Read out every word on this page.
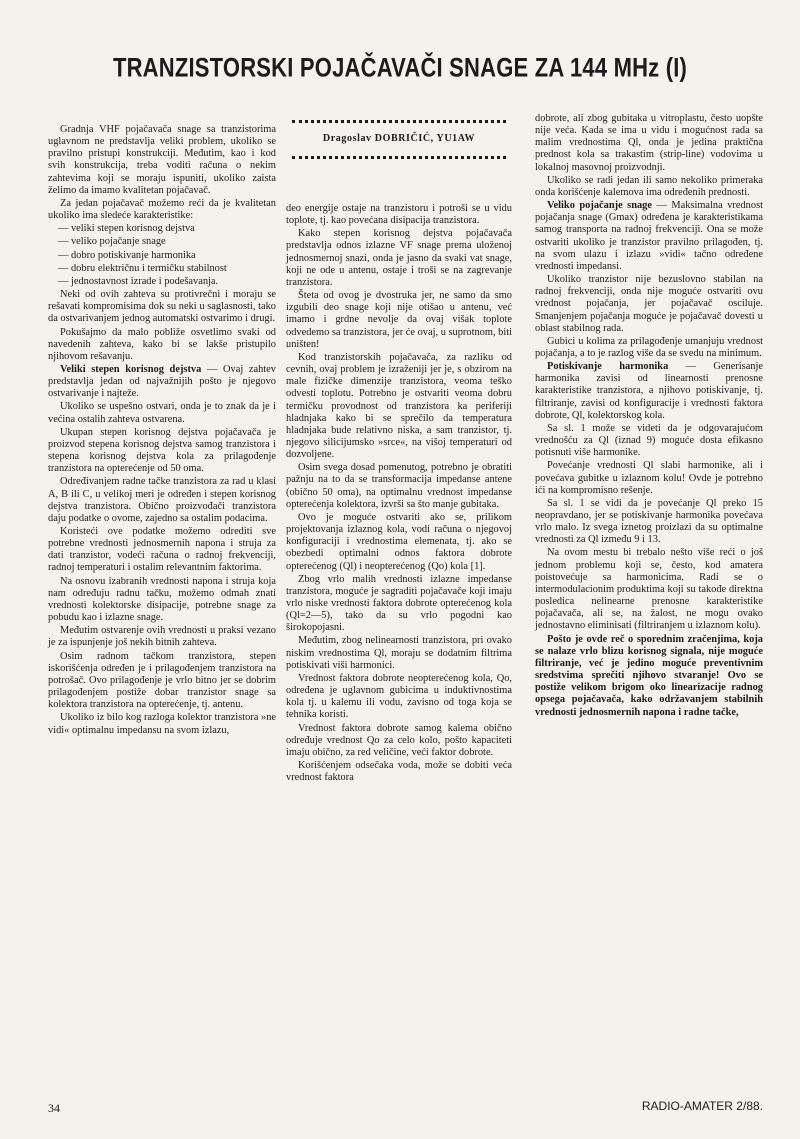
TRANZISTORSKI POJAČAVAČI SNAGE ZA 144 MHz (I)
Dragoslav DOBRIČIĆ, YU1AW

Gradnja VHF pojačavača snage sa tranzistorima uglavnom ne predstavlja veliki problem, ukoliko se pravilno pristupi konstrukciji. Međutim, kao i kod svih konstrukcija, treba voditi računa o nekim zahtevima koji se moraju ispuniti, ukoliko zaista želimo da imamo kvalitetan pojačavač.

Za jedan pojačavač možemo reći da je kvalitetan ukoliko ima sledeće karakteristike:

— veliki stepen korisnog dejstva

— veliko pojačanje snage

— dobro potiskivanje harmonika

— dobru električnu i termičku stabilnost

— jednostavnost izrade i podešavanja.

Neki od ovih zahteva su protivrečni i moraju se rešavati kompromisima dok su neki u saglasnosti, tako da ostvarivanjem jednog automatski ostvarimo i drugi.

Pokušajmo da malo pobliže osvetlimo svaki od navedenih zahteva, kako bi se lakše pristupilo njihovom rešavanju.

Veliki stepen korisnog dejstva — Ovaj zahtev predstavlja jedan od najvažnijih pošto je njegovo ostvarivanje i najteže.

Ukoliko se uspešno ostvari, onda je to znak da je i većina ostalih zahteva ostvarena.

Ukupan stepen korisnog dejstva pojačavača je proizvod stepena korisnog dejstva samog tranzistora i stepena korisnog dejstva kola za prilagođenje tranzistora na opterećenje od 50 oma.

Određivanjem radne tačke tranzistora za rad u klasi A, B ili C, u velikoj meri je određen i stepen korisnog dejstva tranzistora. Obično proizvođači tranzistora daju podatke o ovome, zajedno sa ostalim podacima.

Koristeći ove podatke možemo odrediti sve potrebne vrednosti jednosmernih napona i struja za dati tranzistor, vodeći računa o radnoj frekvenciji, radnoj temperaturi i ostalim relevantnim faktorima.

Na osnovu izabranih vrednosti napona i struja koja nam određuju radnu tačku, možemo odmah znati vrednosti kolektorske disipacije, potrebne snage za pobudu kao i izlazne snage.

Međutim ostvarenje ovih vrednosti u praksi vezano je za ispunjenje još nekih bitnih zahteva.

Osim radnom tačkom tranzistora, stepen iskorišćenja određen je i prilagođenjem tranzistora na potrošač. Ovo prilagođenje je vrlo bitno jer se dobrim prilagođenjem postiže dobar tranzistor snage sa kolektora tranzistora na opterećenje, tj. antenu.

Ukoliko iz bilo kog razloga kolektor tranzistora »ne vidi« optimalnu impedansu na svom izlazu,

deo energije ostaje na tranzistoru i potroši se u vidu toplote, tj. kao povećana disipacija tranzistora.

Kako stepen korisnog dejstva pojačavača predstavlja odnos izlazne VF snage prema uloženoj jednosmernoj snazi, onda je jasno da svaki vat snage, koji ne ode u antenu, ostaje i troši se na zagrevanje tranzistora.

Šteta od ovog je dvostruka jer, ne samo da smo izgubili deo snage koji nije otišao u antenu, već imamo i grdne nevolje da ovaj višak toplote odvedemo sa tranzistora, jer će ovaj, u suprotnom, biti uništen!

Kod tranzistorskih pojačavača, za razliku od cevnih, ovaj problem je izraženiji jer je, s obzirom na male fizičke dimenzije tranzistora, veoma teško odvesti toplotu. Potrebno je ostvariti veoma dobru termičku provodnost od tranzistora ka periferiji hladnjaka kako bi se sprečilo da temperatura hladnjaka bude relativno niska, a sam tranzistor, tj. njegovo silicijumsko »srce«, na višoj temperaturi od dozvoljene.

Osim svega dosad pomenutog, potrebno je obratiti pažnju na to da se transformacija impedanse antene (obično 50 oma), na optimalnu vrednost impedanse opterećenja kolektora, izvrši sa što manje gubitaka.

Ovo je moguće ostvariti ako se, prilikom projektovanja izlaznog kola, vodi računa o njegovoj konfiguraciji i vrednostima elemenata, tj. ako se obezbedi optimalni odnos faktora dobrote opterećenog (Ql) i neopterećenog (Qo) kola [1].

Zbog vrlo malih vrednosti izlazne impedanse tranzistora, moguće je sagraditi pojačavače koji imaju vrlo niske vrednosti faktora dobrote opterećenog kola (Ql=2—5), tako da su vrlo pogodni kao širokopojasni.

Međutim, zbog nelinearnosti tranzistora, pri ovako niskim vrednostima Ql, moraju se dodatnim filtrima potiskivati viši harmonici.

Vrednost faktora dobrote neopterećenog kola, Qo, određena je uglavnom gubicima u induktivnostima kola tj. u kalemu ili vodu, zavisno od toga koja se tehnika koristi.

Vrednost faktora dobrote samog kalema obično određuje vrednost Qo za celo kolo, pošto kapaciteti imaju obično, za red veličine, veći faktor dobrote.

Korišćenjem odsečaka voda, može se dobiti veća vrednost faktora

dobrote, ali zbog gubitaka u vitroplastu, često uopšte nije veća. Kada se ima u vidu i mogućnost rada sa malim vrednostima Ql, onda je jedina praktična prednost kola sa trakastim (strip-line) vodovima u lokalnoj masovnoj proizvodnji.

Ukoliko se radi jedan ili samo nekoliko primeraka onda korišćenje kalemova ima određenih prednosti.

Veliko pojačanje snage — Maksimalna vrednost pojačanja snage (Gmax) određena je karakteristikama samog transporta na radnoj frekvenciji. Ona se može ostvariti ukoliko je tranzistor pravilno prilagođen, tj. na svom ulazu i izlazu »vidi« tačno određene vrednosti impedansi.

Ukoliko tranzistor nije bezuslovno stabilan na radnoj frekvenciji, onda nije moguće ostvariti ovu vrednost pojačanja, jer pojačavač osciluje. Smanjenjem pojačanja moguće je pojačavač dovesti u oblast stabilnog rada.

Gubici u kolima za prilagođenje umanjuju vrednost pojačanja, a to je razlog više da se svedu na minimum.

Potiskivanje harmonika — Generisanje harmonika zavisi od linearnosti prenosne karakteristike tranzistora, a njihovo potiskivanje, tj. filtriranje, zavisi od konfiguracije i vrednosti faktora dobrote, Ql, kolektorskog kola.

Sa sl. 1 može se videti da je odgovarajućom vrednošću za Ql (iznad 9) moguće dosta efikasno potisnuti više harmonike.

Povećanje vrednosti Ql slabi harmonike, ali i povećava gubitke u izlaznom kolu! Ovde je potrebno ići na kompromisno rešenje.

Sa sl. 1 se vidi da je povećanje Ql preko 15 neopravdano, jer se potiskivanje harmonika povećava vrlo malo. Iz svega iznetog proizlazi da su optimalne vrednosti za Ql između 9 i 13.

Na ovom mestu bi trebalo nešto više reći o još jednom problemu koji se, često, kod amatera poistovećuje sa harmonicima. Radi se o intermodulacionim produktima koji su takođe direktna posledica nelinearne prenosne karakteristike pojačavača, ali se, na žalost, ne mogu ovako jednostavno eliminisati (filtriranjem u izlaznom kolu).

Pošto je ovde reč o sporednim zračenjima, koja se nalaze vrlo blizu korisnog signala, nije moguće filtriranje, već je jedino moguće preventivnim sredstvima sprečiti njihovo stvaranje! Ovo se postiže velikom brigom oko linearizacije radnog opsega pojačavača, kako održavanjem stabilnih vrednosti jednosmernih napona i radne tačke,

34	RADIO-AMATER 2/88.
